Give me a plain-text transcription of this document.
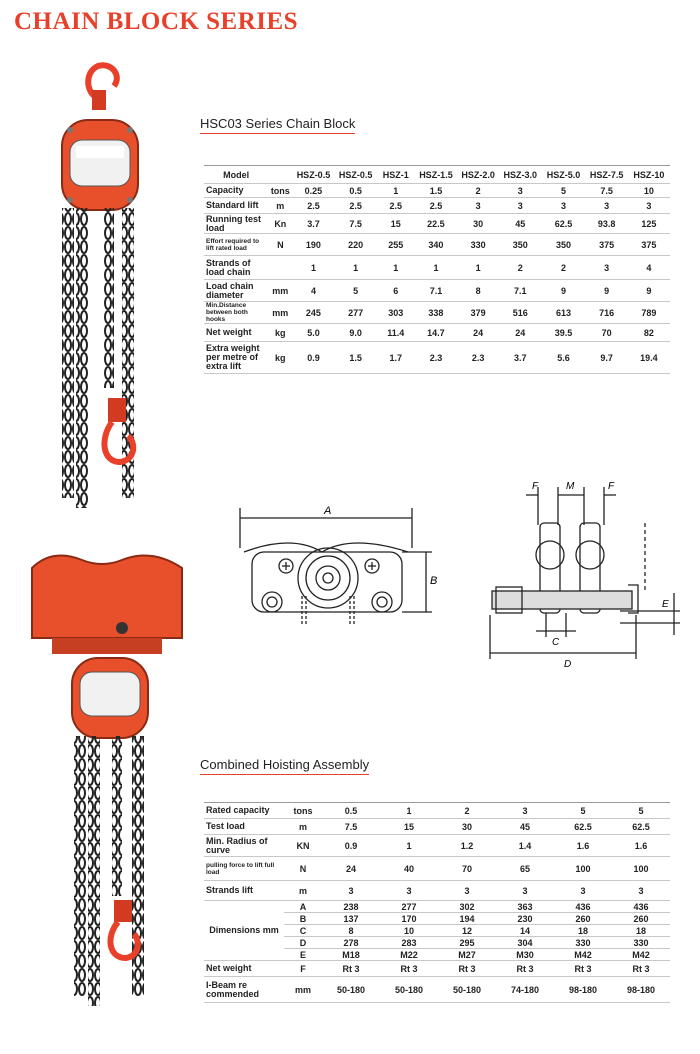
CHAIN BLOCK SERIES
HSC03 Series Chain Block
Model		HSZ-0.5	HSZ-0.5	HSZ-1	HSZ-1.5	HSZ-2.0	HSZ-3.0	HSZ-5.0	HSZ-7.5	HSZ-10
Capacity	tons	0.25	0.5	1	1.5	2	3	5	7.5	10
Standard lift	m	2.5	2.5	2.5	2.5	3	3	3	3	3
Running test load	Kn	3.7	7.5	15	22.5	30	45	62.5	93.8	125
Effort required to lift rated load	N	190	220	255	340	330	350	350	375	375
Strands of load chain		1	1	1	1	1	2	2	3	4
Load chain diameter	mm	4	5	6	7.1	8	7.1	9	9	9
Min.Distance between both hooks	mm	245	277	303	338	379	516	613	716	789
Net weight	kg	5.0	9.0	11.4	14.7	24	24	39.5	70	82
Extra weight per metre of extra lift	kg	0.9	1.5	1.7	2.3	2.3	3.7	5.6	9.7	19.4
A
B
F	M	F
E
C
D
Combined Hoisting Assembly
Rated capacity	tons	0.5	1	2	3	5	5
Test load	m	7.5	15	30	45	62.5	62.5
Min. Radius of curve	KN	0.9	1	1.2	1.4	1.6	1.6
pulling force to lift full load	N	24	40	70	65	100	100
Strands lift	m	3	3	3	3	3	3
Dimensions mm	A	238	277	302	363	436	436
	B	137	170	194	230	260	260
	C	8	10	12	14	18	18
	D	278	283	295	304	330	330
	E	M18	M22	M27	M30	M42	M42
Net weight	F	Rt 3	Rt 3	Rt 3	Rt 3	Rt 3	Rt 3
I-Beam re commended	mm	50-180	50-180	50-180	74-180	98-180	98-180
